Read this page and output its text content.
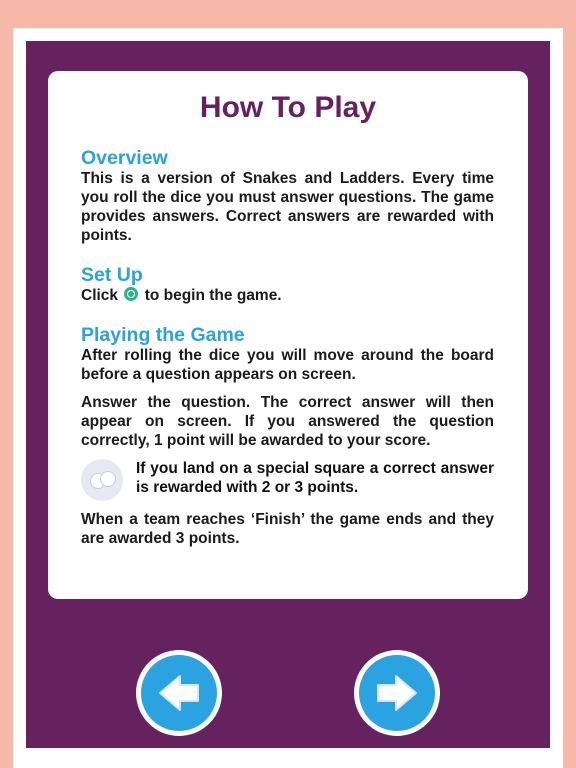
How To Play

Overview

This is a version of Snakes and Ladders. Every time you roll the dice you must answer questions. The game provides answers. Correct answers are rewarded with points.

Set Up

Click to begin the game.

Playing the Game

After rolling the dice you will move around the board before a question appears on screen.

Answer the question. The correct answer will then appear on screen. If you answered the question correctly, 1 point will be awarded to your score.

If you land on a special square a correct answer is rewarded with 2 or 3 points.

When a team reaches ‘Finish’ the game ends and they are awarded 3 points.
